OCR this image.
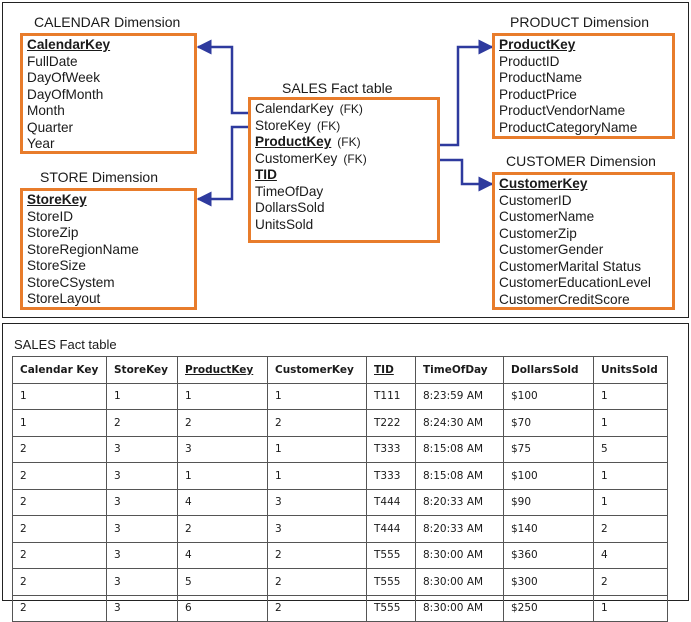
CALENDAR Dimension
CalendarKey
FullDate
DayOfWeek
DayOfMonth
Month
Quarter
Year
STORE Dimension
StoreKey
StoreID
StoreZip
StoreRegionName
StoreSize
StoreCSystem
StoreLayout
SALES Fact table
CalendarKey (FK)
StoreKey (FK)
ProductKey (FK)
CustomerKey (FK)
TID
TimeOfDay
DollarsSold
UnitsSold
PRODUCT Dimension
ProductKey
ProductID
ProductName
ProductPrice
ProductVendorName
ProductCategoryName
CUSTOMER Dimension
CustomerKey
CustomerID
CustomerName
CustomerZip
CustomerGender
CustomerMarital Status
CustomerEducationLevel
CustomerCreditScore
SALES Fact table
Calendar Key	StoreKey	ProductKey	CustomerKey	TID	TimeOfDay	DollarsSold	UnitsSold
1	1	1	1	T111	8:23:59 AM	$100	1
1	2	2	2	T222	8:24:30 AM	$70	1
2	3	3	1	T333	8:15:08 AM	$75	5
2	3	1	1	T333	8:15:08 AM	$100	1
2	3	4	3	T444	8:20:33 AM	$90	1
2	3	2	3	T444	8:20:33 AM	$140	2
2	3	4	2	T555	8:30:00 AM	$360	4
2	3	5	2	T555	8:30:00 AM	$300	2
2	3	6	2	T555	8:30:00 AM	$250	1
